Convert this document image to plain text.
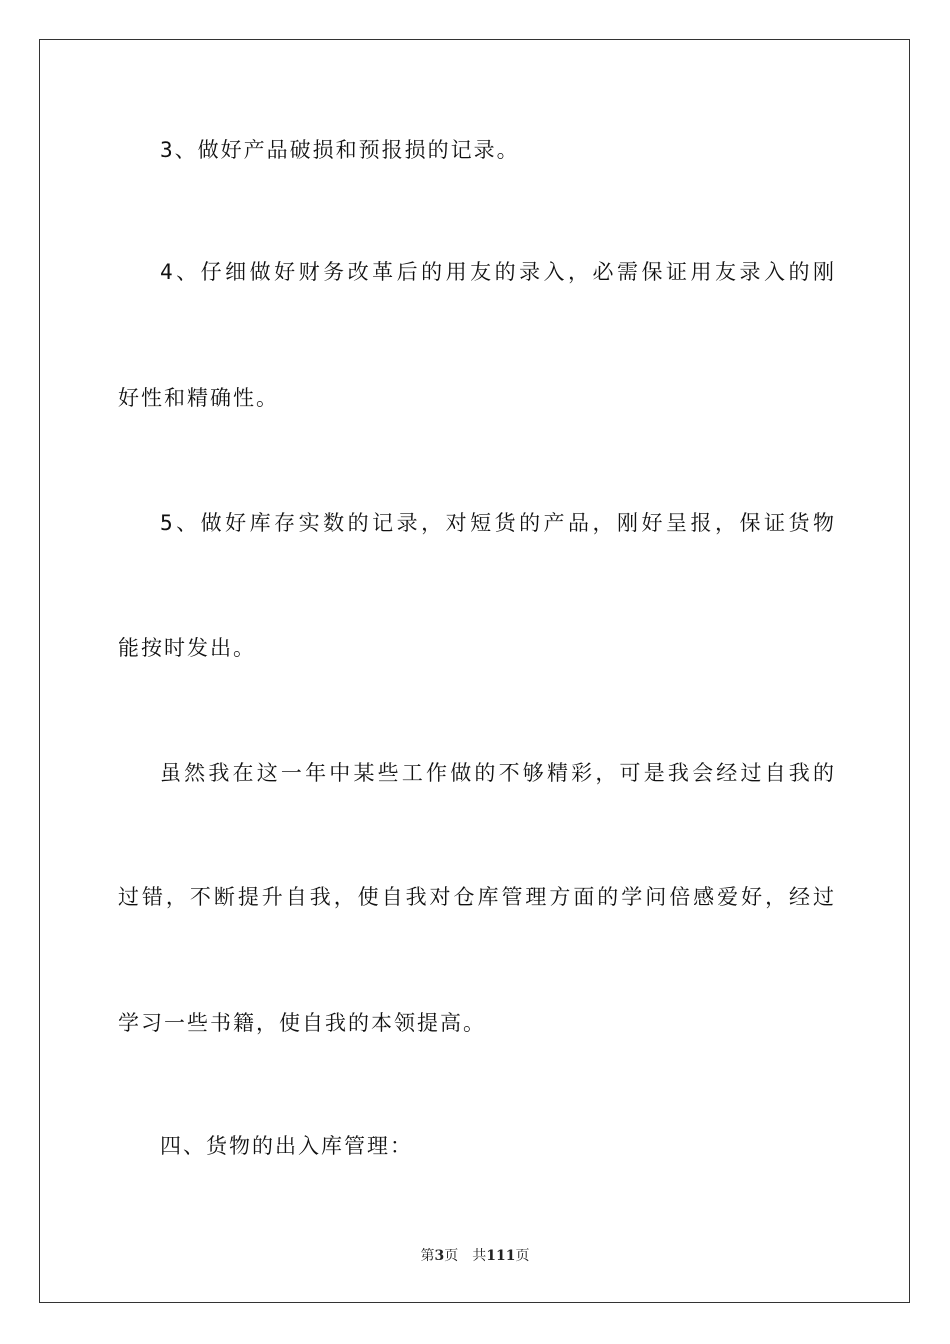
3、做好产品破损和预报损的记录。
4、仔细做好财务改革后的用友的录入，必需保证用友录入的刚
好性和精确性。
5、做好库存实数的记录，对短货的产品，刚好呈报，保证货物
能按时发出。
虽然我在这一年中某些工作做的不够精彩，可是我会经过自我的
过错，不断提升自我，使自我对仓库管理方面的学问倍感爱好，经过
学习一些书籍，使自我的本领提高。
四、货物的出入库管理：
第3页 共111页
